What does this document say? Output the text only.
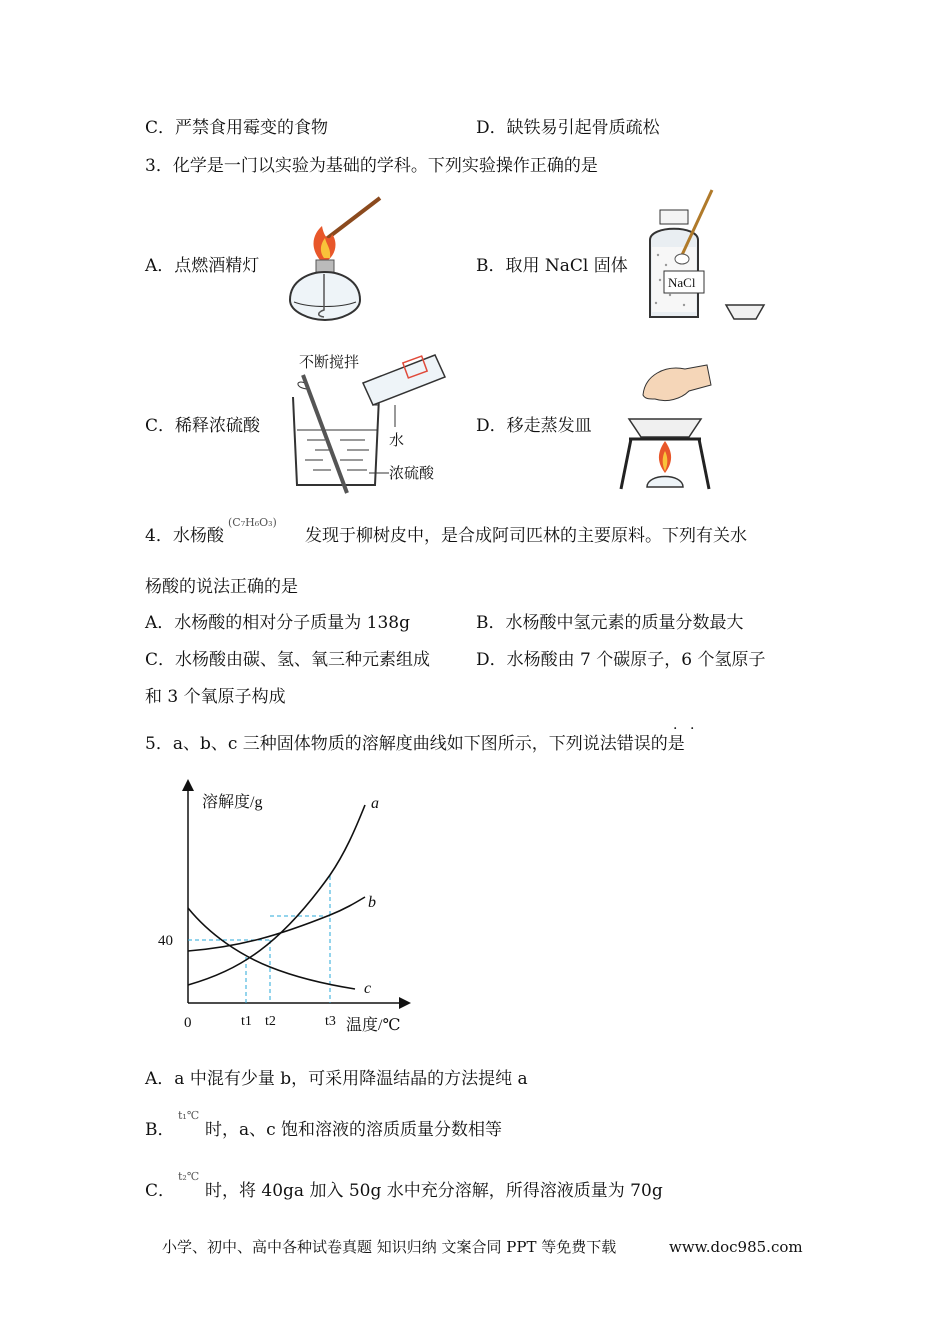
C．严禁食用霉变的食物	D．缺铁易引起骨质疏松
3．化学是一门以实验为基础的学科。下列实验操作正确的是
A．点燃酒精灯	B．取用 NaCl 固体
C．稀释浓硫酸	D．移走蒸发皿
NaCl
不断搅拌
水
浓硫酸
4．水杨酸
(C₇H₆O₃)
发现于柳树皮中，是合成阿司匹林的主要原料。下列有关水
杨酸的说法正确的是
A．水杨酸的相对分子质量为 138g	B．水杨酸中氢元素的质量分数最大
C．水杨酸由碳、氢、氧三种元素组成	D．水杨酸由 7 个碳原子，6 个氢原子
和 3 个氧原子构成
· ·
5．a、b、c 三种固体物质的溶解度曲线如下图所示，下列说法错误的是
溶解度/g
温度/℃
0
40
a
b
c
t1 t2	t3
A．a 中混有少量 b，可采用降温结晶的方法提纯 a
B．
t₁℃
时，a、c 饱和溶液的溶质质量分数相等
C．
t₂℃
时，将 40ga 加入 50g 水中充分溶解，所得溶液质量为 70g
小学、初中、高中各种试卷真题 知识归纳 文案合同 PPT 等免费下载	www.doc985.com
